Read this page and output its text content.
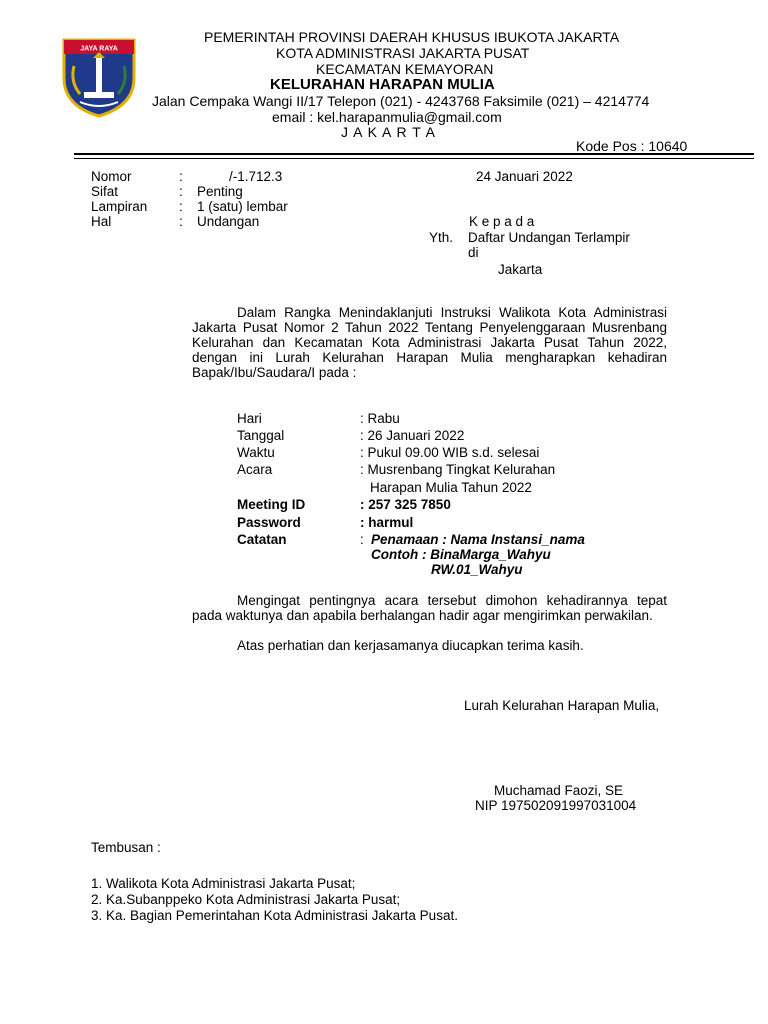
JAYA RAYA
PEMERINTAH PROVINSI DAERAH KHUSUS IBUKOTA JAKARTA
KOTA ADMINISTRASI JAKARTA PUSAT
KECAMATAN KEMAYORAN
KELURAHAN HARAPAN MULIA
Jalan Cempaka Wangi II/17 Telepon (021) - 4243768 Faksimile (021) – 4214774
email : kel.harapanmulia@gmail.com
J A K A R T A
Kode Pos : 10640
Nomor	:	/-1.712.3
Sifat	: Penting
Lampiran : 1 (satu) lembar
Hal	: Undangan
24 Januari 2022
K e p a d a
Yth. Daftar Undangan Terlampir
di
Jakarta
Dalam Rangka Menindaklanjuti Instruksi Walikota Kota Administrasi Jakarta Pusat Nomor 2 Tahun 2022 Tentang Penyelenggaraan Musrenbang Kelurahan dan Kecamatan Kota Administrasi Jakarta Pusat Tahun 2022, dengan ini Lurah Kelurahan Harapan Mulia mengharapkan kehadiran Bapak/Ibu/Saudara/I pada :
Hari	: Rabu
Tanggal	: 26 Januari 2022
Waktu	: Pukul 09.00 WIB s.d. selesai
Acara	: Musrenbang Tingkat Kelurahan
Harapan Mulia Tahun 2022
Meeting ID	: 257 325 7850
Password	: harmul
Catatan	: Penamaan : Nama Instansi_nama
Contoh : BinaMarga_Wahyu
RW.01_Wahyu
Mengingat pentingnya acara tersebut dimohon kehadirannya tepat pada waktunya dan apabila berhalangan hadir agar mengirimkan perwakilan.
Atas perhatian dan kerjasamanya diucapkan terima kasih.
Lurah Kelurahan Harapan Mulia,
Muchamad Faozi, SE
NIP 197502091997031004
Tembusan :
1. Walikota Kota Administrasi Jakarta Pusat;
2. Ka.Subanppeko Kota Administrasi Jakarta Pusat;
3. Ka. Bagian Pemerintahan Kota Administrasi Jakarta Pusat.
